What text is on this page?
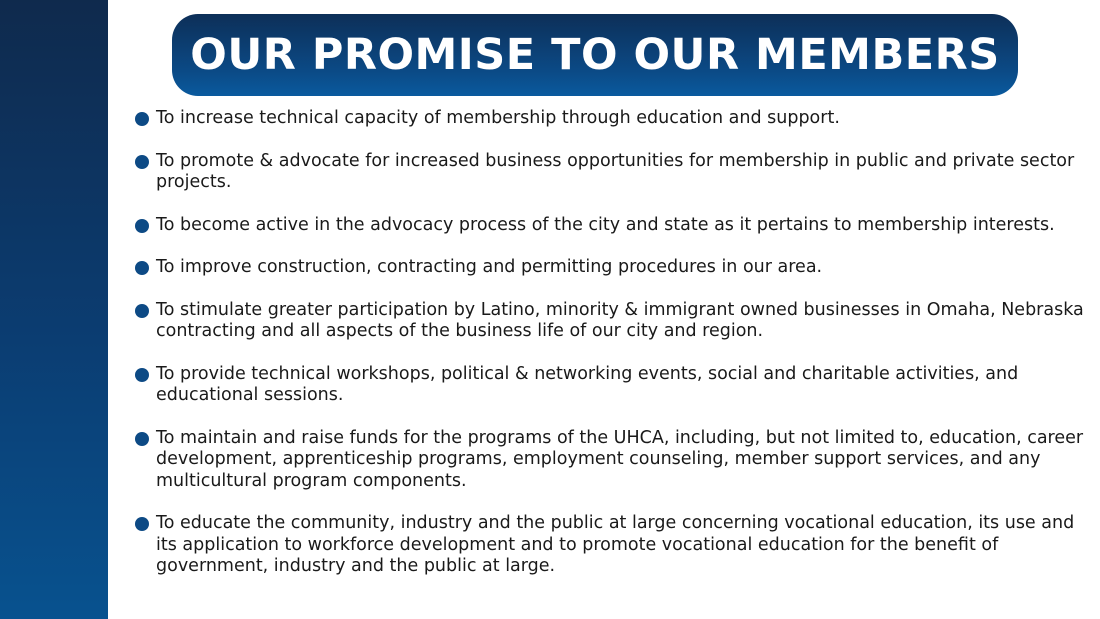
OUR PROMISE TO OUR MEMBERS
To increase technical capacity of membership through education and support.
To promote & advocate for increased business opportunities for membership in public and private sector projects.
To become active in the advocacy process of the city and state as it pertains to membership interests.
To improve construction, contracting and permitting procedures in our area.
To stimulate greater participation by Latino, minority & immigrant owned businesses in Omaha, Nebraska contracting and all aspects of the business life of our city and region.
To provide technical workshops, political & networking events, social and charitable activities, and educational sessions.
To maintain and raise funds for the programs of the UHCA, including, but not limited to, education, career development, apprenticeship programs, employment counseling, member support services, and any multicultural program components.
To educate the community, industry and the public at large concerning vocational education, its use and its application to workforce development and to promote vocational education for the benefit of government, industry and the public at large.
